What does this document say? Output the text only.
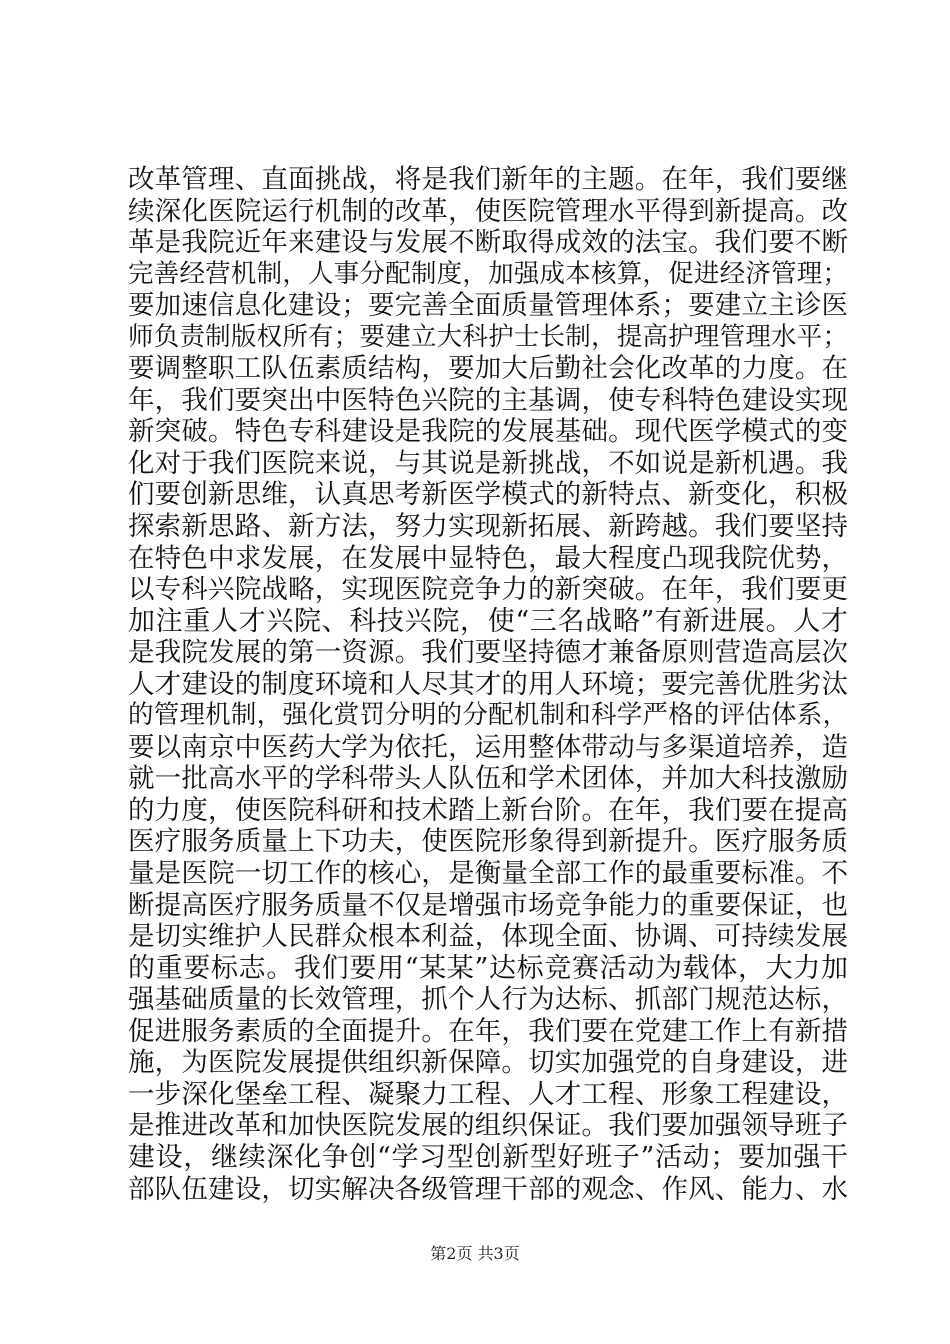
改革管理、直面挑战，将是我们新年的主题。在年，我们要继
续深化医院运行机制的改革，使医院管理水平得到新提高。改
革是我院近年来建设与发展不断取得成效的法宝。我们要不断
完善经营机制，人事分配制度，加强成本核算，促进经济管理；
要加速信息化建设；要完善全面质量管理体系；要建立主诊医
师负责制版权所有；要建立大科护士长制，提高护理管理水平；
要调整职工队伍素质结构，要加大后勤社会化改革的力度。在
年，我们要突出中医特色兴院的主基调，使专科特色建设实现
新突破。特色专科建设是我院的发展基础。现代医学模式的变
化对于我们医院来说，与其说是新挑战，不如说是新机遇。我
们要创新思维，认真思考新医学模式的新特点、新变化，积极
探索新思路、新方法，努力实现新拓展、新跨越。我们要坚持
在特色中求发展，在发展中显特色，最大程度凸现我院优势，
以专科兴院战略，实现医院竞争力的新突破。在年，我们要更
加注重人才兴院、科技兴院，使“三名战略”有新进展。人才
是我院发展的第一资源。我们要坚持德才兼备原则营造高层次
人才建设的制度环境和人尽其才的用人环境；要完善优胜劣汰
的管理机制，强化赏罚分明的分配机制和科学严格的评估体系，
要以南京中医药大学为依托，运用整体带动与多渠道培养，造
就一批高水平的学科带头人队伍和学术团体，并加大科技激励
的力度，使医院科研和技术踏上新台阶。在年，我们要在提高
医疗服务质量上下功夫，使医院形象得到新提升。医疗服务质
量是医院一切工作的核心，是衡量全部工作的最重要标准。不
断提高医疗服务质量不仅是增强市场竞争能力的重要保证，也
是切实维护人民群众根本利益，体现全面、协调、可持续发展
的重要标志。我们要用“某某”达标竞赛活动为载体，大力加
强基础质量的长效管理，抓个人行为达标、抓部门规范达标，
促进服务素质的全面提升。在年，我们要在党建工作上有新措
施，为医院发展提供组织新保障。切实加强党的自身建设，进
一步深化堡垒工程、凝聚力工程、人才工程、形象工程建设，
是推进改革和加快医院发展的组织保证。我们要加强领导班子
建设，继续深化争创“学习型创新型好班子”活动；要加强干
部队伍建设，切实解决各级管理干部的观念、作风、能力、水
第2页 共3页
